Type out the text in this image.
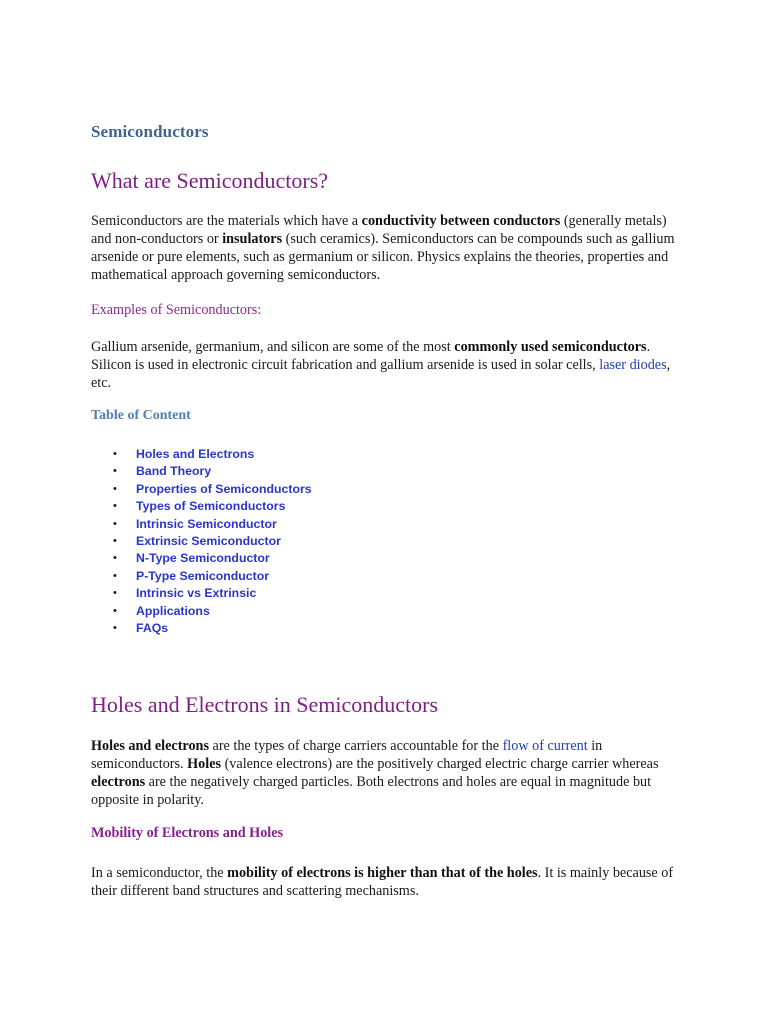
Semiconductors
What are Semiconductors?

Semiconductors are the materials which have a conductivity between conductors (generally metals) and non-conductors or insulators (such ceramics). Semiconductors can be compounds such as gallium arsenide or pure elements, such as germanium or silicon. Physics explains the theories, properties and mathematical approach governing semiconductors.

Examples of Semiconductors:

Gallium arsenide, germanium, and silicon are some of the most commonly used semiconductors. Silicon is used in electronic circuit fabrication and gallium arsenide is used in solar cells, laser diodes, etc.

Table of Content

• Holes and Electrons
• Band Theory
• Properties of Semiconductors
• Types of Semiconductors
• Intrinsic Semiconductor
• Extrinsic Semiconductor
• N-Type Semiconductor
• P-Type Semiconductor
• Intrinsic vs Extrinsic
• Applications
• FAQs
Holes and Electrons in Semiconductors

Holes and electrons are the types of charge carriers accountable for the flow of current in semiconductors. Holes (valence electrons) are the positively charged electric charge carrier whereas electrons are the negatively charged particles. Both electrons and holes are equal in magnitude but opposite in polarity.

Mobility of Electrons and Holes

In a semiconductor, the mobility of electrons is higher than that of the holes. It is mainly because of their different band structures and scattering mechanisms.
